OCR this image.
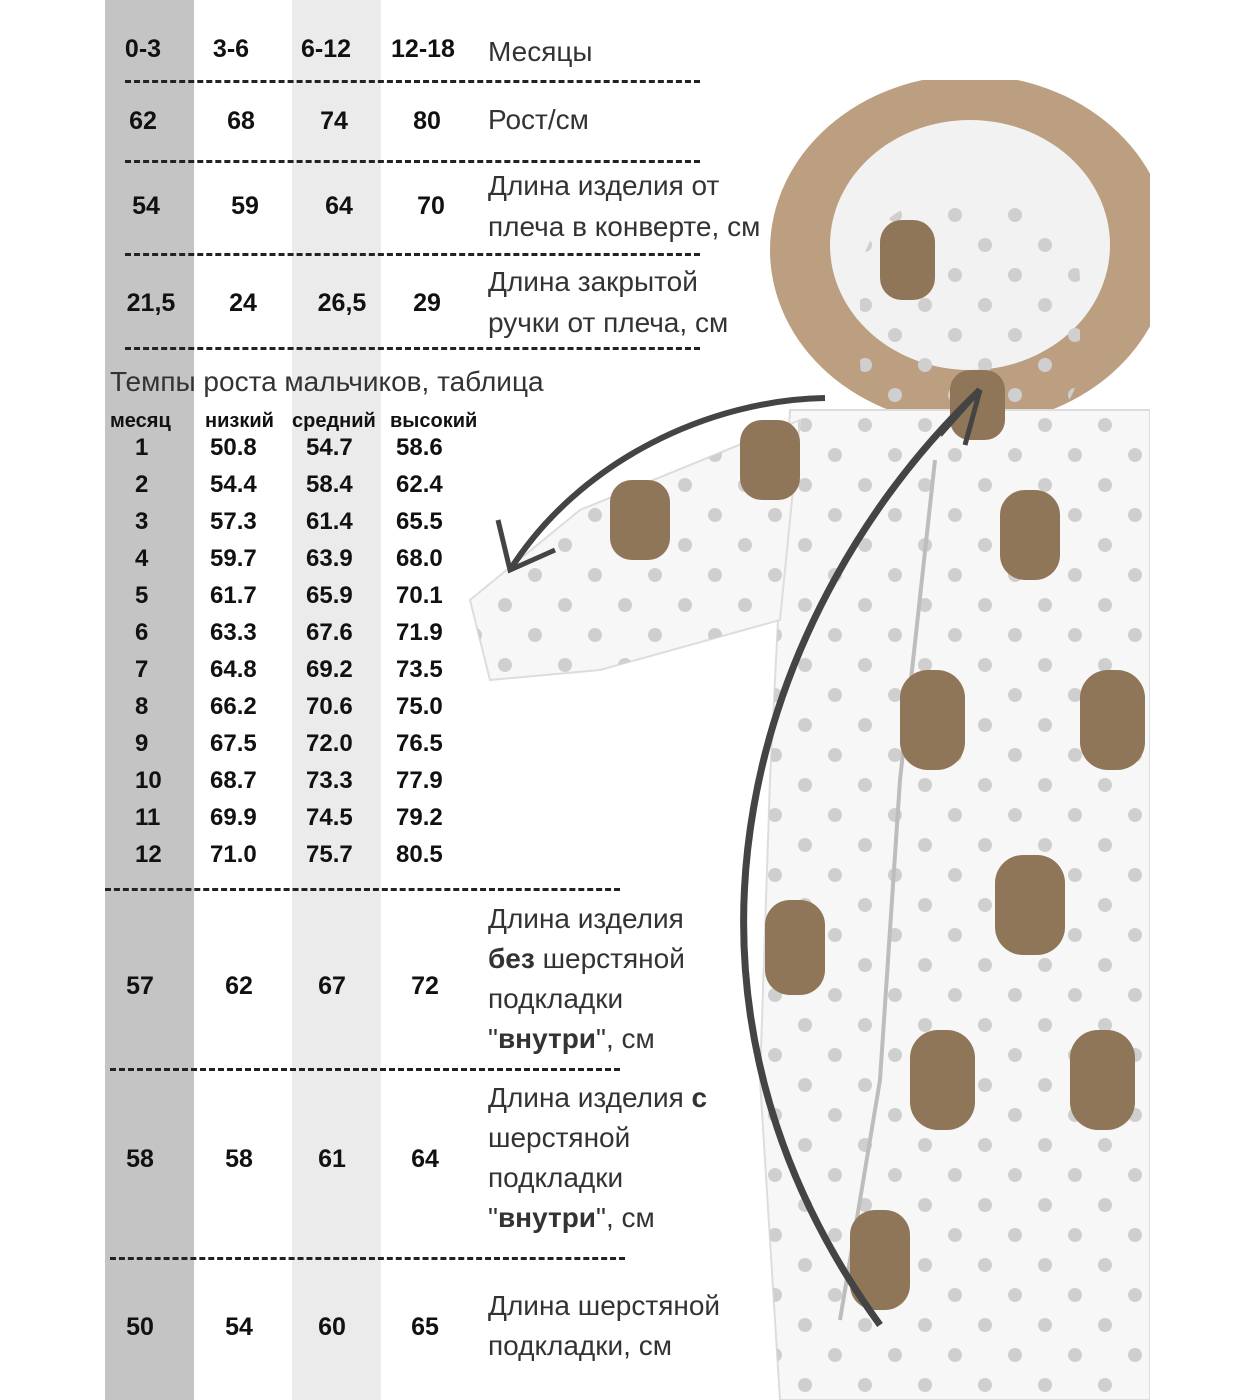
0-3	3-6	6-12	12-18	Месяцы
62	68	74	80	Рост/см
54	59	64	70
Длина изделия от
плеча в конверте, см
21,5	24	26,5	29
Длина закрытой
ручки от плеча, см
Темпы роста мальчиков, таблица
месяц низкий средний высокий
1	50.8 54.7 58.6
2	54.4 58.4 62.4
3	57.3 61.4 65.5
4	59.7 63.9 68.0
5	61.7 65.9 70.1
6	63.3 67.6 71.9
7	64.8 69.2 73.5
8	66.2 70.6 75.0
9	67.5 72.0 76.5
10 68.7 73.3 77.9
11 69.9 74.5 79.2
12 71.0 75.7 80.5
57	62	67	72
Длина изделия
без шерстяной
подкладки
"внутри", см
58	58	61	64
Длина изделия с
шерстяной
подкладки
"внутри", см
50	54	60	65
Длина шерстяной
подкладки, см
